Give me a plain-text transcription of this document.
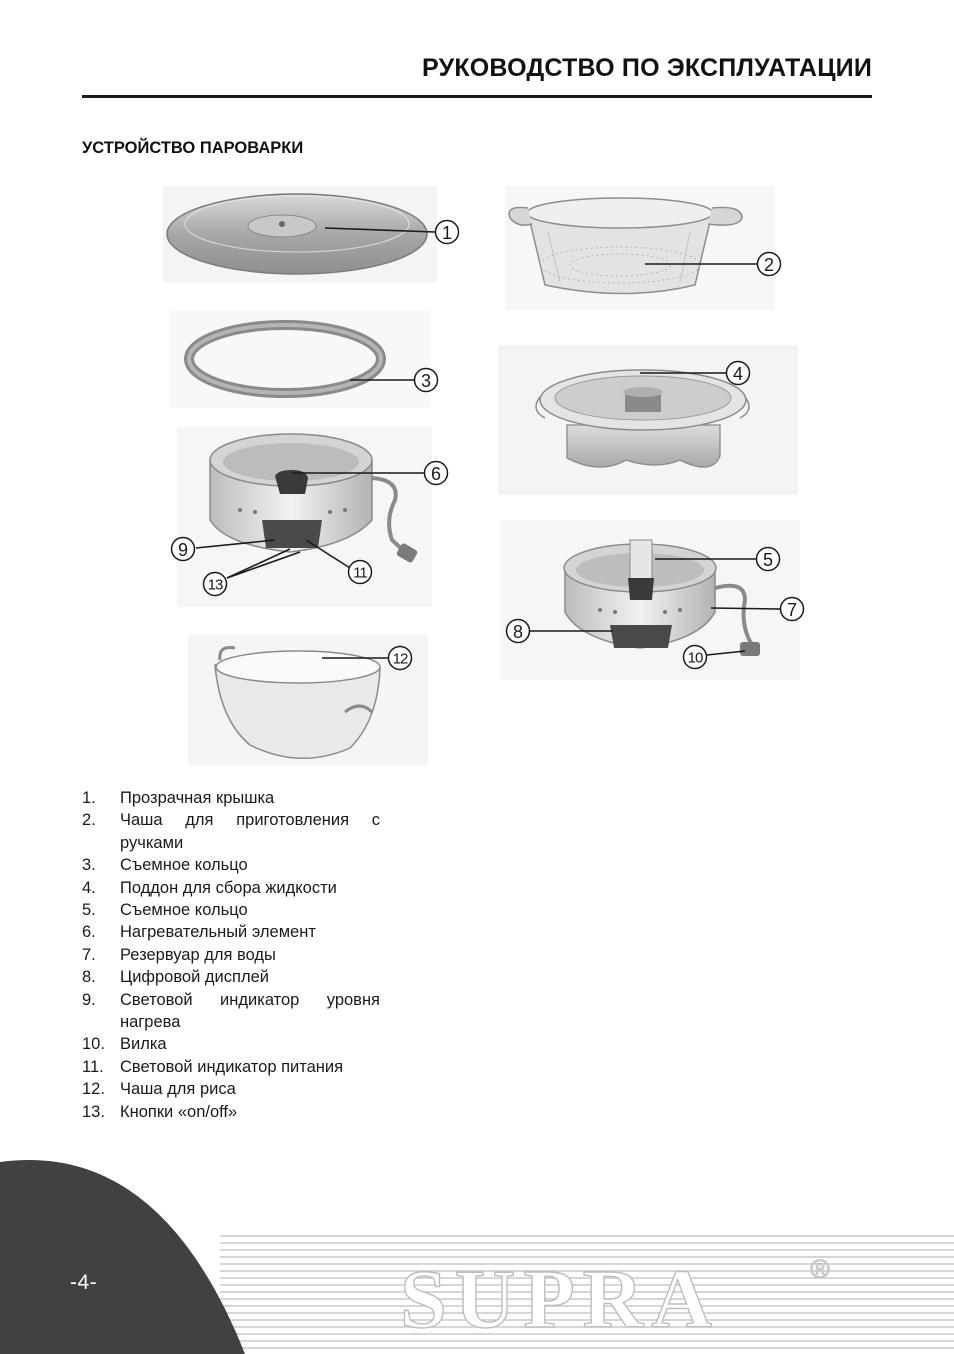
РУКОВОДСТВО ПО ЭКСПЛУАТАЦИИ
УСТРОЙСТВО ПАРОВАРКИ
1
2
3	4
6
9
11
13
5
7
8
10
12
1.	Прозрачная крышка
2.	Чаша для приготовления с ручками
3.	Съемное кольцо
4.	Поддон для сбора жидкости
5.	Съемное кольцо
6.	Нагревательный элемент
7.	Резервуар для воды
8.	Цифровой дисплей
9.	Световой индикатор уровня нагрева
10. Вилка
11. Световой индикатор питания
12. Чаша для риса
13. Кнопки «on/off»
SUPRA	®
-4-
